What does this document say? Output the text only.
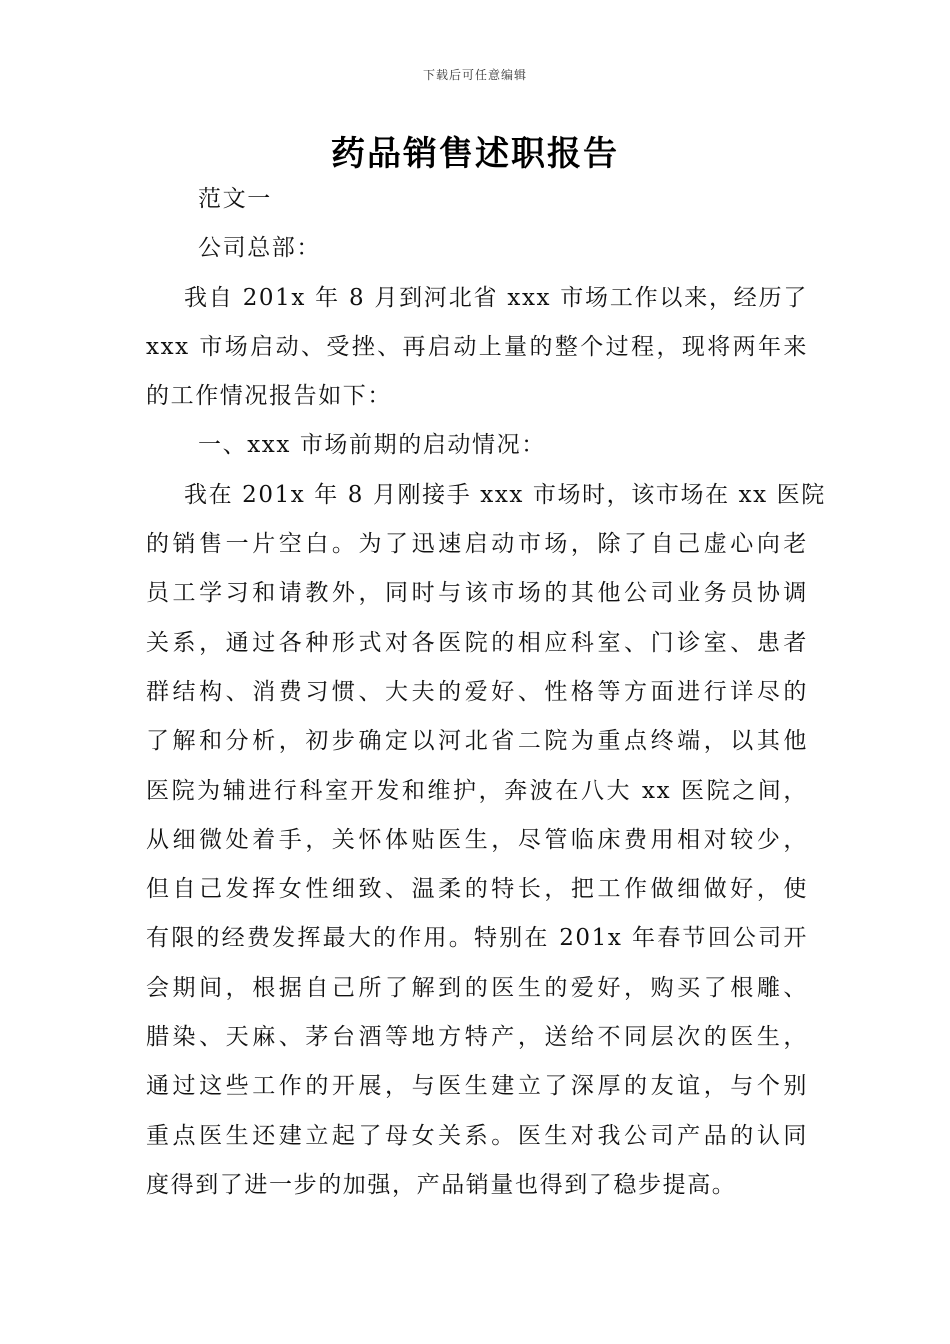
下载后可任意编辑
药品销售述职报告
范文一
公司总部：
我自 201x 年 8 月到河北省 xxx 市场工作以来，经历了
xxx 市场启动、受挫、再启动上量的整个过程，现将两年来
的工作情况报告如下：
一、xxx 市场前期的启动情况：
我在 201x 年 8 月刚接手 xxx 市场时，该市场在 xx 医院
的销售一片空白。为了迅速启动市场，除了自己虚心向老
员工学习和请教外，同时与该市场的其他公司业务员协调
关系，通过各种形式对各医院的相应科室、门诊室、患者
群结构、消费习惯、大夫的爱好、性格等方面进行详尽的
了解和分析，初步确定以河北省二院为重点终端，以其他
医院为辅进行科室开发和维护，奔波在八大 xx 医院之间，
从细微处着手，关怀体贴医生，尽管临床费用相对较少，
但自己发挥女性细致、温柔的特长，把工作做细做好，使
有限的经费发挥最大的作用。特别在 201x 年春节回公司开
会期间，根据自己所了解到的医生的爱好，购买了根雕、
腊染、天麻、茅台酒等地方特产，送给不同层次的医生，
通过这些工作的开展，与医生建立了深厚的友谊，与个别
重点医生还建立起了母女关系。医生对我公司产品的认同
度得到了进一步的加强，产品销量也得到了稳步提高。
